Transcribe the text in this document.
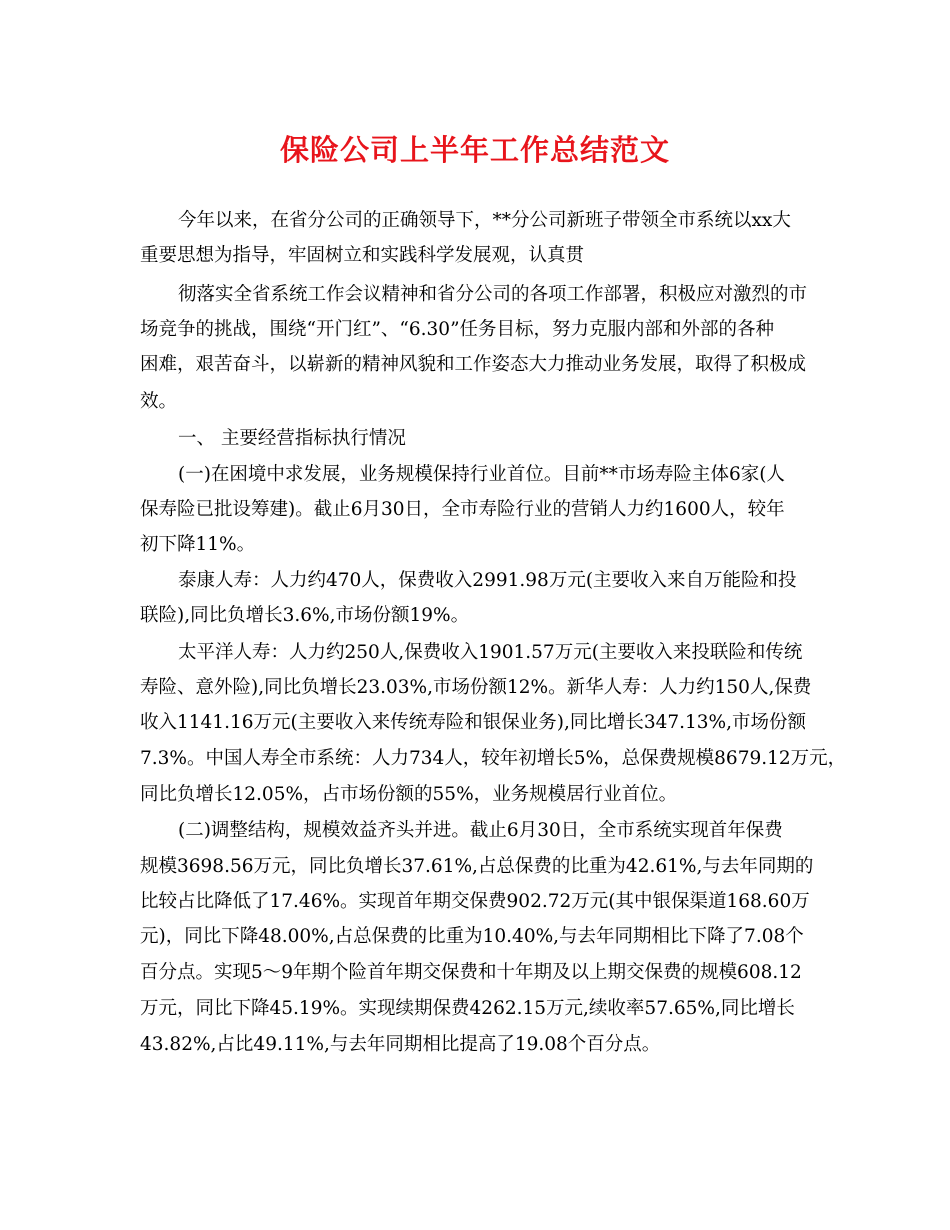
保险公司上半年工作总结范文
今年以来，在省分公司的正确领导下，**分公司新班子带领全市系统以xx大
重要思想为指导，牢固树立和实践科学发展观，认真贯
彻落实全省系统工作会议精神和省分公司的各项工作部署，积极应对激烈的市
场竞争的挑战，围绕“开门红”、“6.30”任务目标，努力克服内部和外部的各种
困难，艰苦奋斗，以崭新的精神风貌和工作姿态大力推动业务发展，取得了积极成
效。
一、 主要经营指标执行情况
(一)在困境中求发展，业务规模保持行业首位。目前**市场寿险主体6家(人
保寿险已批设筹建)。截止6月30日，全市寿险行业的营销人力约1600人，较年
初下降11%。
泰康人寿：人力约470人，保费收入2991.98万元(主要收入来自万能险和投
联险),同比负增长3.6%,市场份额19%。
太平洋人寿：人力约250人,保费收入1901.57万元(主要收入来投联险和传统
寿险、意外险),同比负增长23.03%,市场份额12%。新华人寿：人力约150人,保费
收入1141.16万元(主要收入来传统寿险和银保业务),同比增长347.13%,市场份额
7.3%。中国人寿全市系统：人力734人，较年初增长5%，总保费规模8679.12万元，
同比负增长12.05%，占市场份额的55%，业务规模居行业首位。
(二)调整结构，规模效益齐头并进。截止6月30日，全市系统实现首年保费
规模3698.56万元，同比负增长37.61%,占总保费的比重为42.61%,与去年同期的
比较占比降低了17.46%。实现首年期交保费902.72万元(其中银保渠道168.60万
元)，同比下降48.00%,占总保费的比重为10.40%,与去年同期相比下降了7.08个
百分点。实现5～9年期个险首年期交保费和十年期及以上期交保费的规模608.12
万元，同比下降45.19%。实现续期保费4262.15万元,续收率57.65%,同比增长
43.82%,占比49.11%,与去年同期相比提高了19.08个百分点。
